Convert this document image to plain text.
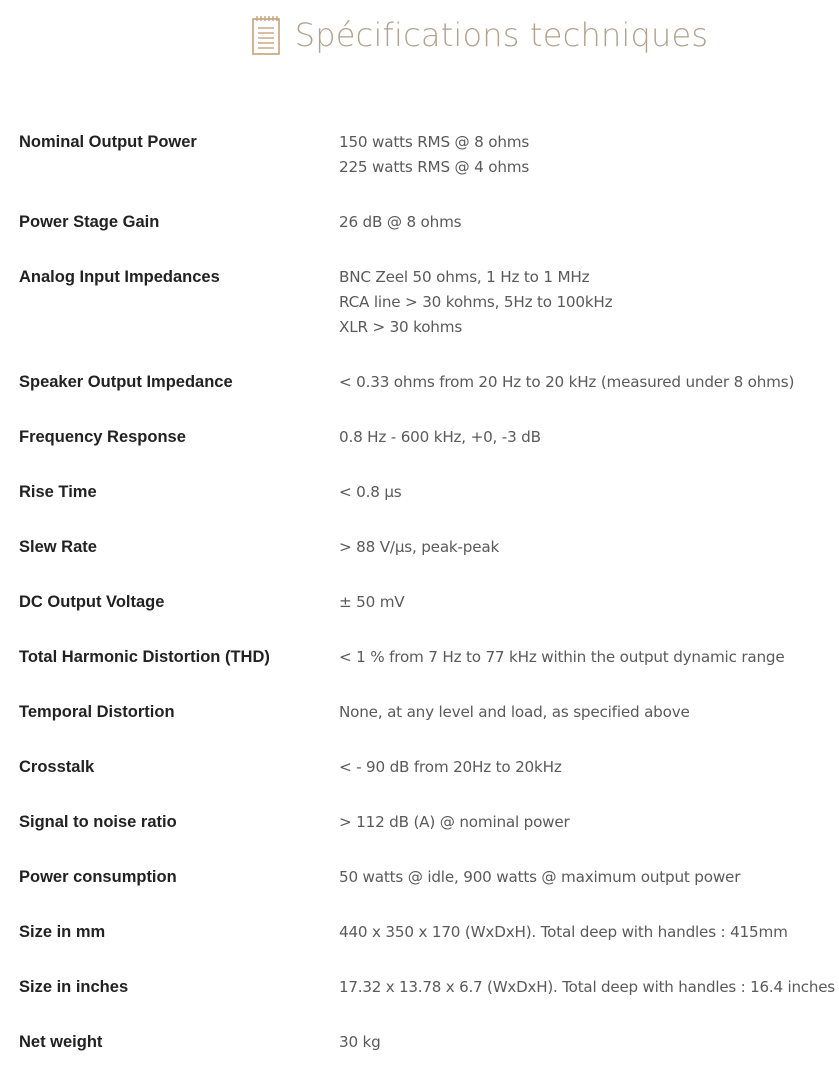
Spécifications techniques
Nominal Output Power	150 watts RMS @ 8 ohms
225 watts RMS @ 4 ohms
Power Stage Gain	26 dB @ 8 ohms
Analog Input Impedances	BNC Zeel 50 ohms, 1 Hz to 1 MHz
RCA line > 30 kohms, 5Hz to 100kHz
XLR > 30 kohms
Speaker Output Impedance	< 0.33 ohms from 20 Hz to 20 kHz (measured under 8 ohms)
Frequency Response	0.8 Hz - 600 kHz, +0, -3 dB
Rise Time	< 0.8 µs
Slew Rate	> 88 V/µs, peak-peak
DC Output Voltage	± 50 mV
Total Harmonic Distortion (THD)	< 1 % from 7 Hz to 77 kHz within the output dynamic range
Temporal Distortion	None, at any level and load, as specified above
Crosstalk	< - 90 dB from 20Hz to 20kHz
Signal to noise ratio	> 112 dB (A) @ nominal power
Power consumption	50 watts @ idle, 900 watts @ maximum output power
Size in mm	440 x 350 x 170 (WxDxH). Total deep with handles : 415mm
Size in inches	17.32 x 13.78 x 6.7 (WxDxH). Total deep with handles : 16.4 inches
Net weight	30 kg
